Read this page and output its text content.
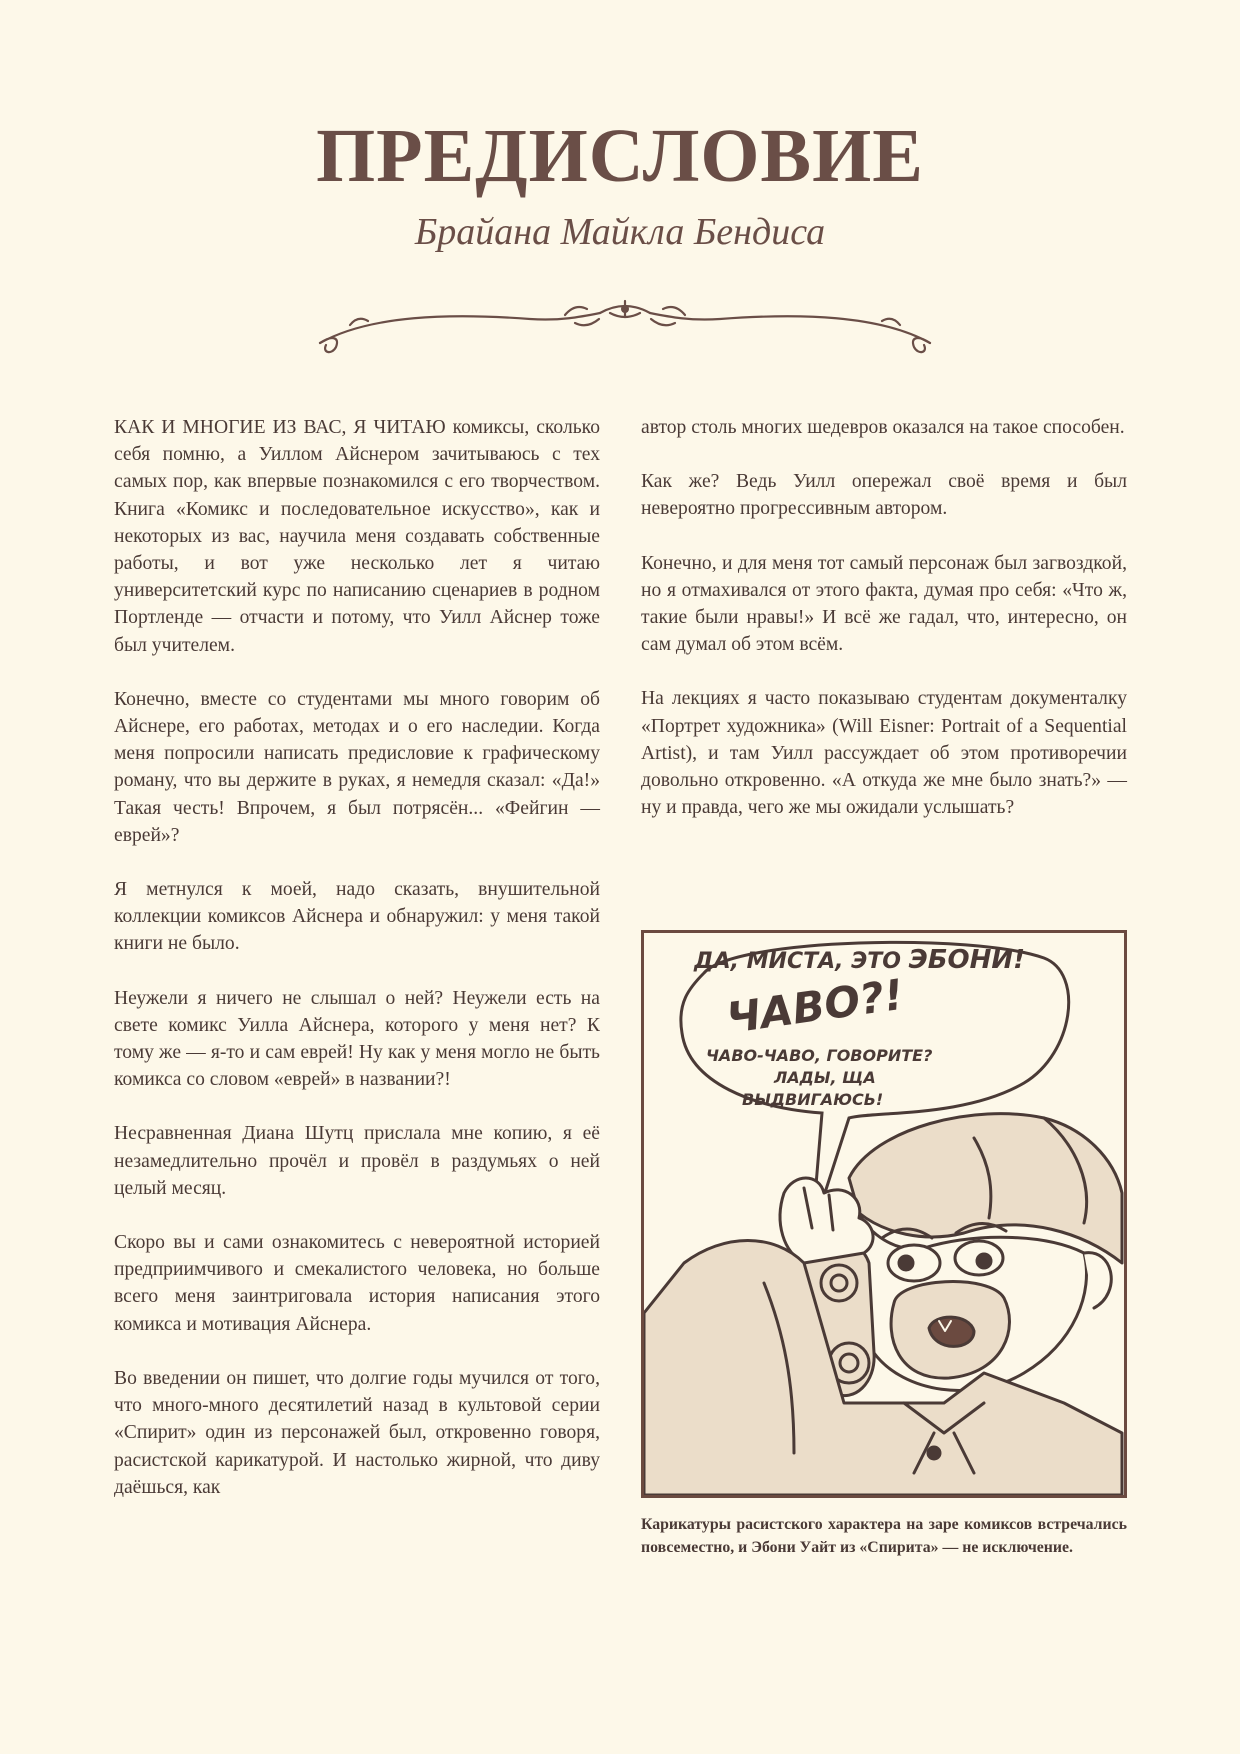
ПРЕДИСЛОВИЕ
Брайана Майкла Бендиса

КАК И МНОГИЕ ИЗ ВАС, Я ЧИТАЮ комиксы, сколько себя помню, а Уиллом Айснером зачитываюсь с тех самых пор, как впервые познакомился с его творчеством. Книга «Комикс и последовательное искусство», как и некоторых из вас, научила меня создавать собственные работы, и вот уже несколько лет я читаю университетский курс по написанию сценариев в родном Портленде — отчасти и потому, что Уилл Айснер тоже был учителем.

Конечно, вместе со студентами мы много говорим об Айснере, его работах, методах и о его наследии. Когда меня попросили написать предисловие к графическому роману, что вы держите в руках, я немедля сказал: «Да!» Такая честь! Впрочем, я был потрясён... «Фейгин — еврей»?

Я метнулся к моей, надо сказать, внушительной коллекции комиксов Айснера и обнаружил: у меня такой книги не было.

Неужели я ничего не слышал о ней? Неужели есть на свете комикс Уилла Айснера, которого у меня нет? К тому же — я-то и сам еврей! Ну как у меня могло не быть комикса со словом «еврей» в названии?!

Несравненная Диана Шутц прислала мне копию, я её незамедлительно прочёл и провёл в раздумьях о ней целый месяц.

Скоро вы и сами ознакомитесь с невероятной историей предприимчивого и смекалистого человека, но больше всего меня заинтриговала история написания этого комикса и мотивация Айснера.

Во введении он пишет, что долгие годы мучился от того, что много-много десятилетий назад в культовой серии «Спирит» один из персонажей был, откровенно говоря, расистской карикатурой. И настолько жирной, что диву даёшься, как

автор столь многих шедевров оказался на такое способен.

Как же? Ведь Уилл опережал своё время и был невероятно прогрессивным автором.

Конечно, и для меня тот самый персонаж был загвоздкой, но я отмахивался от этого факта, думая про себя: «Что ж, такие были нравы!» И всё же гадал, что, интересно, он сам думал об этом всём.

На лекциях я часто показываю студентам документалку «Портрет художника» (Will Eisner: Portrait of a Sequential Artist), и там Уилл рассуждает об этом противоречии довольно откровенно. «А откуда же мне было знать?» — ну и правда, чего же мы ожидали услышать?

ДА, МИСТА, ЭТО ЭБОНИ!
ЧАВО?!
ЧАВО-ЧАВО, ГОВОРИТЕ?
ЛАДЫ, ЩА
ВЫДВИГАЮСЬ!
Карикатуры расистского характера на заре комиксов встречались повсеместно, и Эбони Уайт из «Спирита» — не исключение.
